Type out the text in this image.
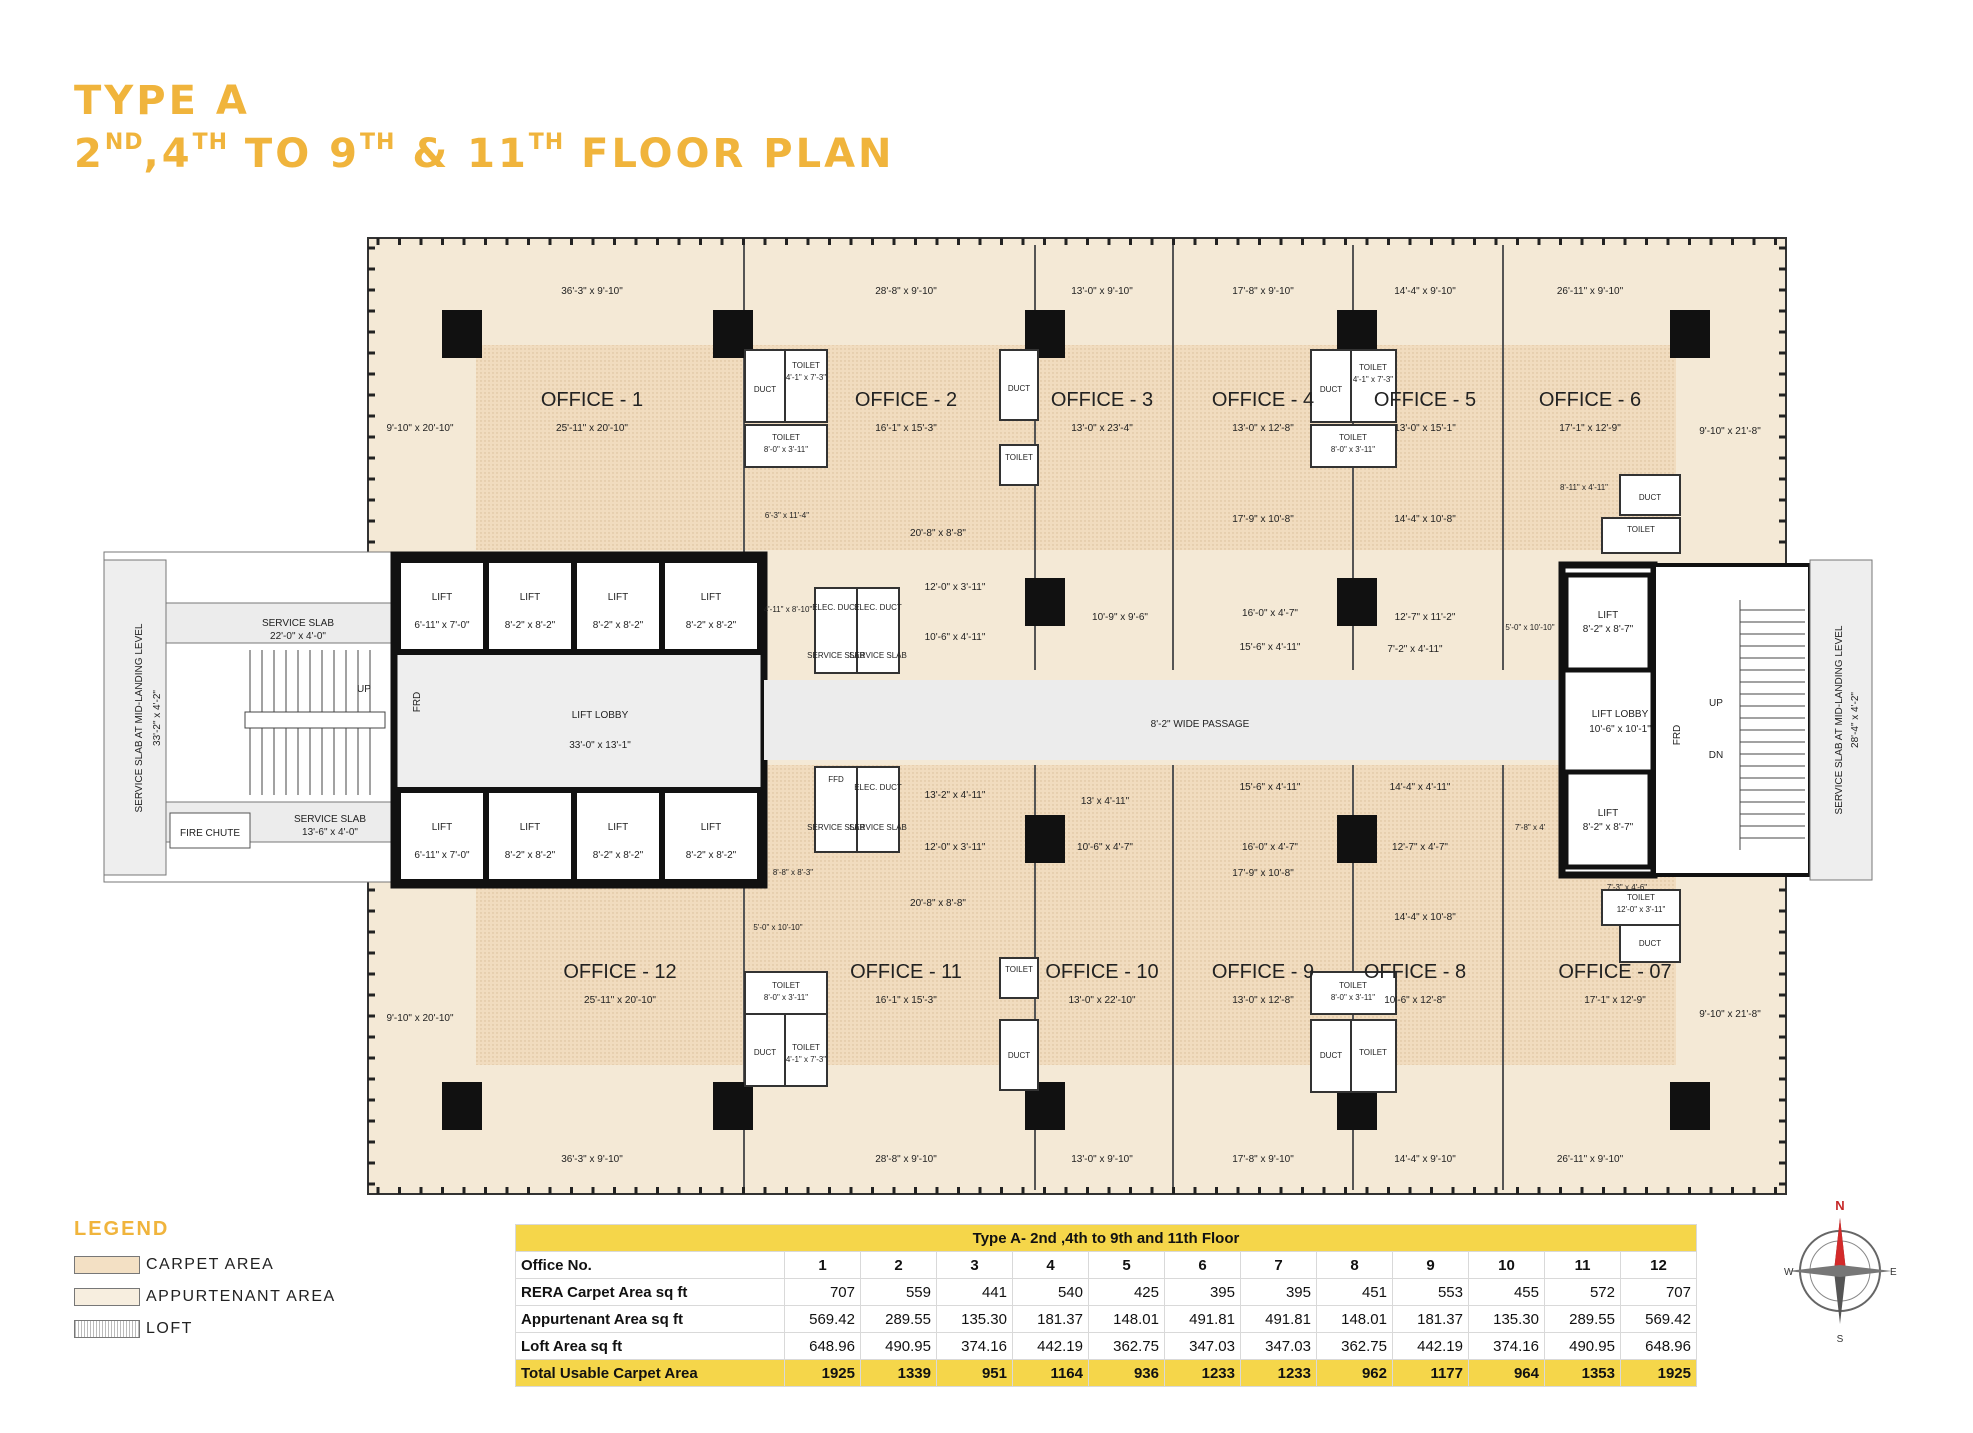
TYPE A
2ND,4TH TO 9TH & 11TH FLOOR PLAN
OFFICE - 1
25'-11" x 20'-10"
36'-3" x 9'-10"
OFFICE - 2
16'-1" x 15'-3"
28'-8" x 9'-10"
OFFICE - 3
13'-0" x 23'-4"
13'-0" x 9'-10"
OFFICE - 4
13'-0" x 12'-8"
17'-8" x 9'-10"
OFFICE - 5
13'-0" x 15'-1"
14'-4" x 9'-10"
OFFICE - 6
17'-1" x 12'-9"
26'-11" x 9'-10"
9'-10" x 20'-10"	9'-10" x 21'-8"
OFFICE - 12
25'-11" x 20'-10"
36'-3" x 9'-10"
OFFICE - 11
16'-1" x 15'-3"
28'-8" x 9'-10"
OFFICE - 10
13'-0" x 22'-10"
13'-0" x 9'-10"
OFFICE - 9
13'-0" x 12'-8"
17'-8" x 9'-10"
OFFICE - 8
10'-6" x 12'-8"
14'-4" x 9'-10"
OFFICE - 07
17'-1" x 12'-9"
26'-11" x 9'-10"
9'-10" x 20'-10"	9'-10" x 21'-8"
LIFT LOBBY
33'-0" x 13'-1"
8'-2" WIDE PASSAGE
LIFT LOBBY
10'-6" x 10'-1"
SERVICE SLAB
22'-0" x 4'-0"
SERVICE SLAB
13'-6" x 4'-0"
FIRE CHUTE
UP
UP
DN
FRD
FRD
SERVICE SLAB AT MID-LANDING LEVEL 33'-2" x 4'-2"	SERVICE SLAB AT MID-LANDING LEVEL 28'-4" x 4'-2"
LIFT
6'-11" x 7'-0"
LIFT
6'-11" x 7'-0"
LIFT
8'-2" x 8'-2"
LIFT
8'-2" x 8'-2"
LIFT
8'-2" x 8'-2"
LIFT
8'-2" x 8'-2"
LIFT
8'-2" x 8'-2"
LIFT
8'-2" x 8'-2"
LIFT
8'-2" x 8'-7"
LIFT
8'-2" x 8'-7"
DUCT
TOILET
4'-1" x 7'-3"
TOILET
8'-0" x 3'-11"
DUCT
TOILET
DUCT
TOILET
4'-1" x 7'-3"
TOILET
8'-0" x 3'-11"
DUCT
TOILET
ELEC. DUCT
ELEC. DUCT
SERVICE SLAB
SERVICE SLAB
FFD
ELEC. DUCT
SERVICE SLAB
SERVICE SLAB
TOILET
8'-0" x 3'-11"
DUCT
TOILET
4'-1" x 7'-3"
TOILET
DUCT
TOILET
8'-0" x 3'-11"
DUCT TOILET
DUCT
TOILET
12'-0" x 3'-11"
12'-0" x 3'-11"
10'-6" x 4'-11"
10'-9" x 9'-6"	16'-0" x 4'-7"
15'-6" x 4'-11"
12'-7" x 11'-2"
7'-2" x 4'-11"
20'-8" x 8'-8"
17'-9" x 10'-8"	14'-4" x 10'-8"
13'-2" x 4'-11"
12'-0" x 3'-11"
13' x 4'-11"
10'-6" x 4'-7"
15'-6" x 4'-11"
16'-0" x 4'-7"
14'-4" x 4'-11"
12'-7" x 4'-7"
20'-8" x 8'-8"
17'-9" x 10'-8"
14'-4" x 10'-8"
6'-3" x 11'-4"
4'-11" x 8'-10"
8'-8" x 8'-3"
5'-0" x 10'-10"
5'-0" x 10'-10"
7'-8" x 4'
8'-11" x 4'-11"
7'-3" x 4'-6"

LEGEND

CARPET AREA
APPURTENANT AREA
LOFT
Type A- 2nd ,4th to 9th and 11th Floor												
Office No.	1	2	3	4	5	6	7	8	9	10	11	12
RERA Carpet Area sq ft	707	559	441	540	425	395	395	451	553	455	572	707
Appurtenant Area sq ft	569.42	289.55	135.30	181.37	148.01	491.81	491.81	148.01	181.37	135.30	289.55	569.42
Loft Area sq ft	648.96	490.95	374.16	442.19	362.75	347.03	347.03	362.75	442.19	374.16	490.95	648.96
Total Usable Carpet Area	1925	1339	951	1164	936	1233	1233	962	1177	964	1353	1925
N
S
W	E
